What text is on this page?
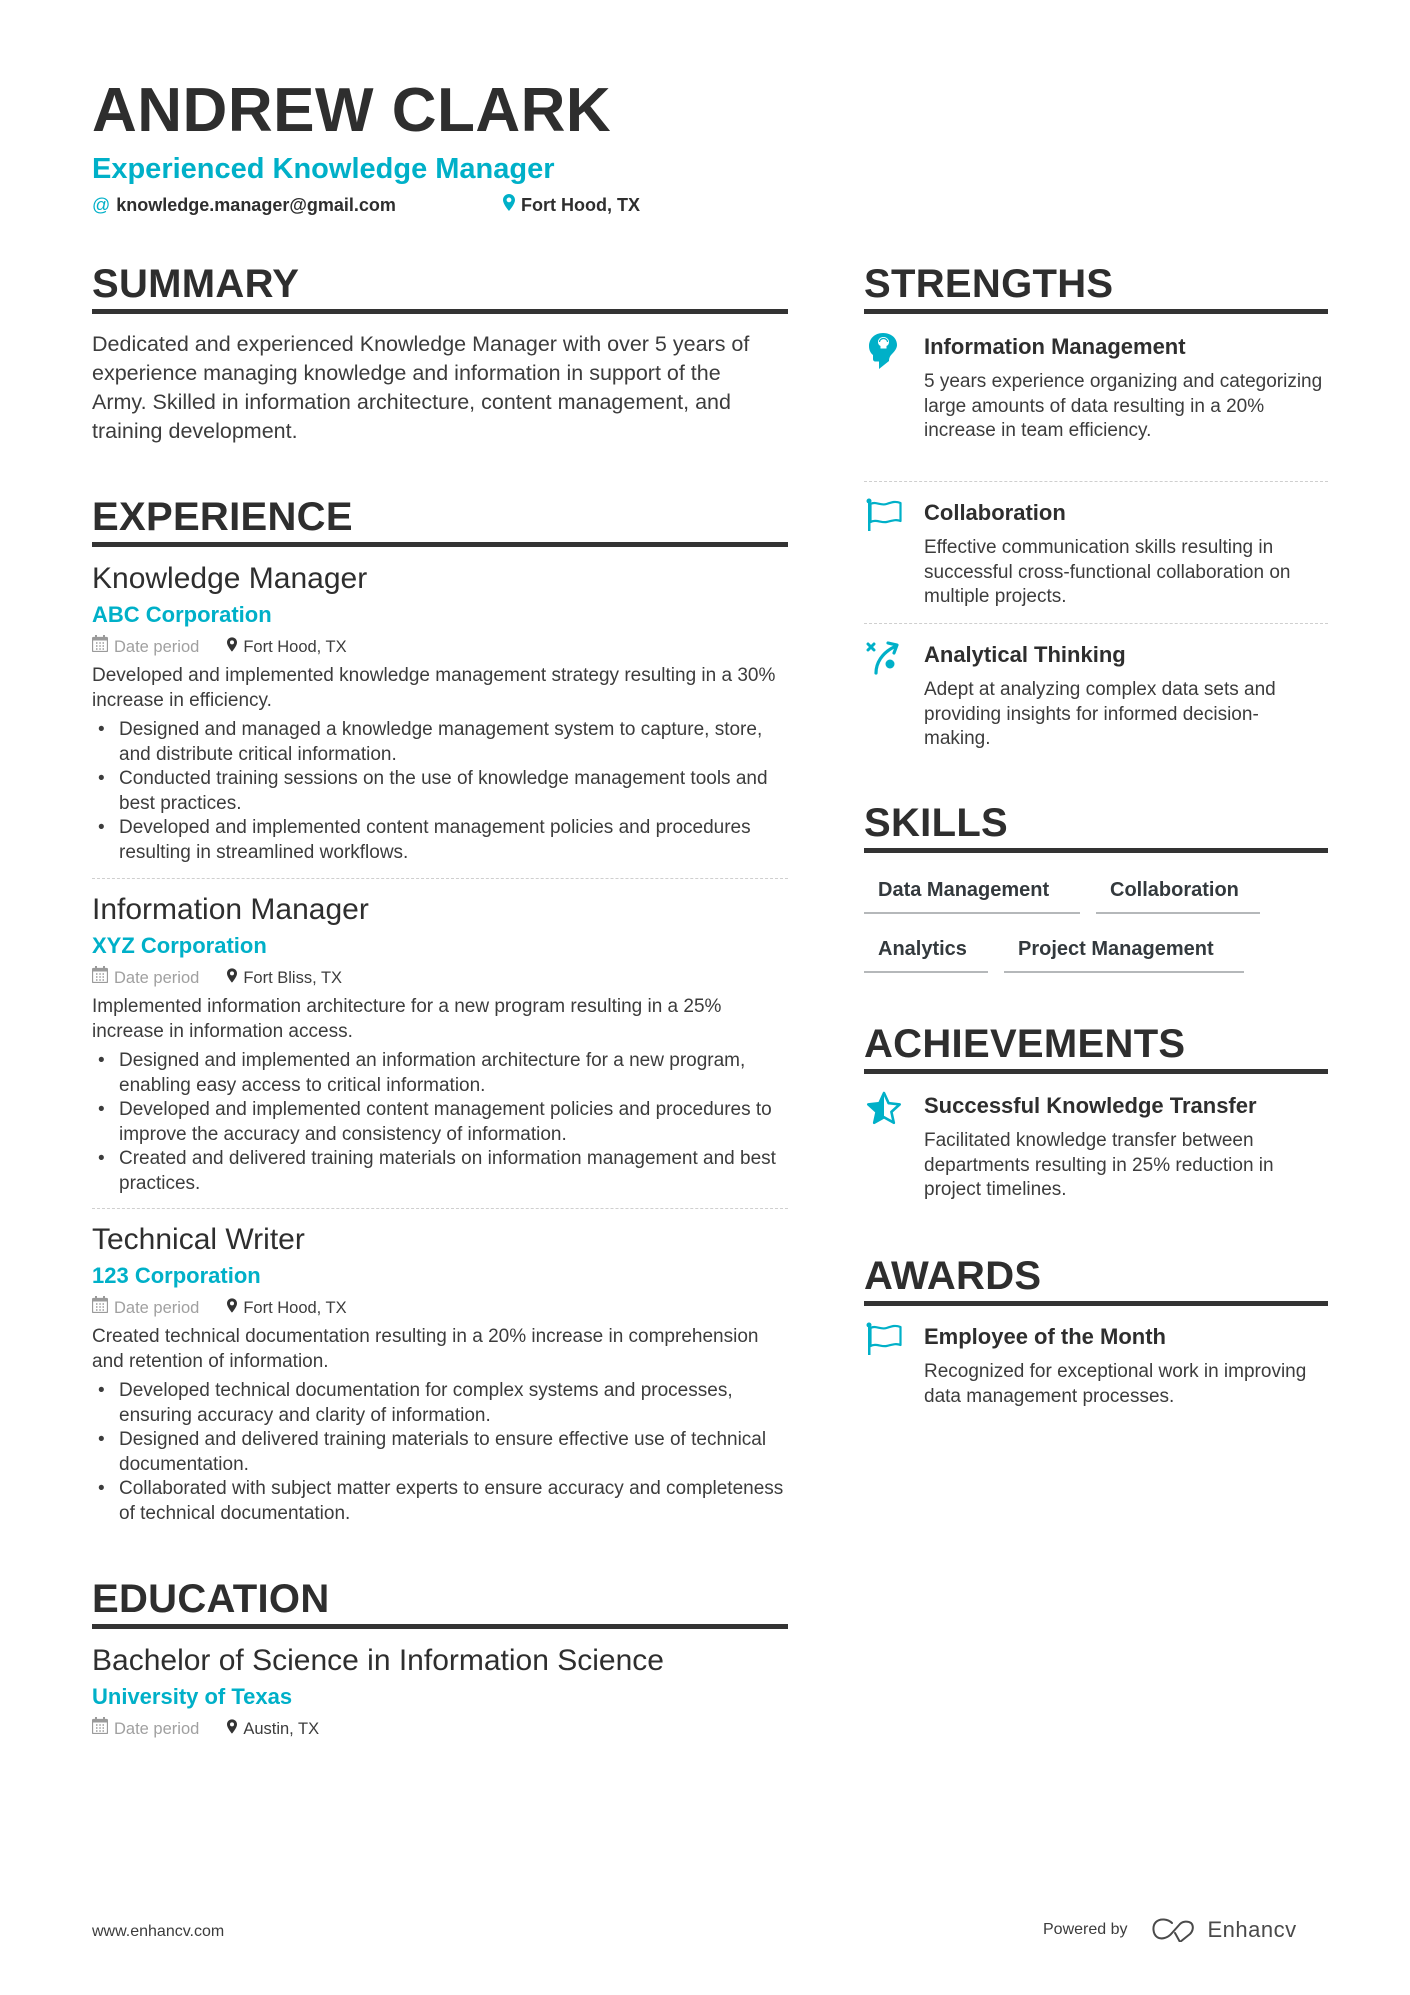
ANDREW CLARK
Experienced Knowledge Manager
@ knowledge.manager@gmail.com	Fort Hood, TX
SUMMARY
Dedicated and experienced Knowledge Manager with over 5 years of experience managing knowledge and information in support of the Army. Skilled in information architecture, content management, and training development.
EXPERIENCE
Knowledge Manager
ABC Corporation
Date period	Fort Hood, TX
Developed and implemented knowledge management strategy resulting in a 30% increase in efficiency.
• Designed and managed a knowledge management system to capture, store, and distribute critical information.
• Conducted training sessions on the use of knowledge management tools and best practices.
• Developed and implemented content management policies and procedures resulting in streamlined workflows.
Information Manager
XYZ Corporation
Date period	Fort Bliss, TX
Implemented information architecture for a new program resulting in a 25% increase in information access.
• Designed and implemented an information architecture for a new program, enabling easy access to critical information.
• Developed and implemented content management policies and procedures to improve the accuracy and consistency of information.
• Created and delivered training materials on information management and best practices.
Technical Writer
123 Corporation
Date period	Fort Hood, TX
Created technical documentation resulting in a 20% increase in comprehension and retention of information.
• Developed technical documentation for complex systems and processes, ensuring accuracy and clarity of information.
• Designed and delivered training materials to ensure effective use of technical documentation.
• Collaborated with subject matter experts to ensure accuracy and completeness of technical documentation.
EDUCATION
Bachelor of Science in Information Science
University of Texas
Date period	Austin, TX
STRENGTHS
Information Management
5 years experience organizing and categorizing large amounts of data resulting in a 20% increase in team efficiency.
Collaboration
Effective communication skills resulting in successful cross-functional collaboration on multiple projects.
Analytical Thinking
Adept at analyzing complex data sets and providing insights for informed decision-making.
SKILLS
Data Management	Collaboration
Analytics	Project Management
ACHIEVEMENTS
Successful Knowledge Transfer
Facilitated knowledge transfer between departments resulting in 25% reduction in project timelines.
AWARDS
Employee of the Month
Recognized for exceptional work in improving data management processes.
www.enhancv.com	Powered by	Enhancv
